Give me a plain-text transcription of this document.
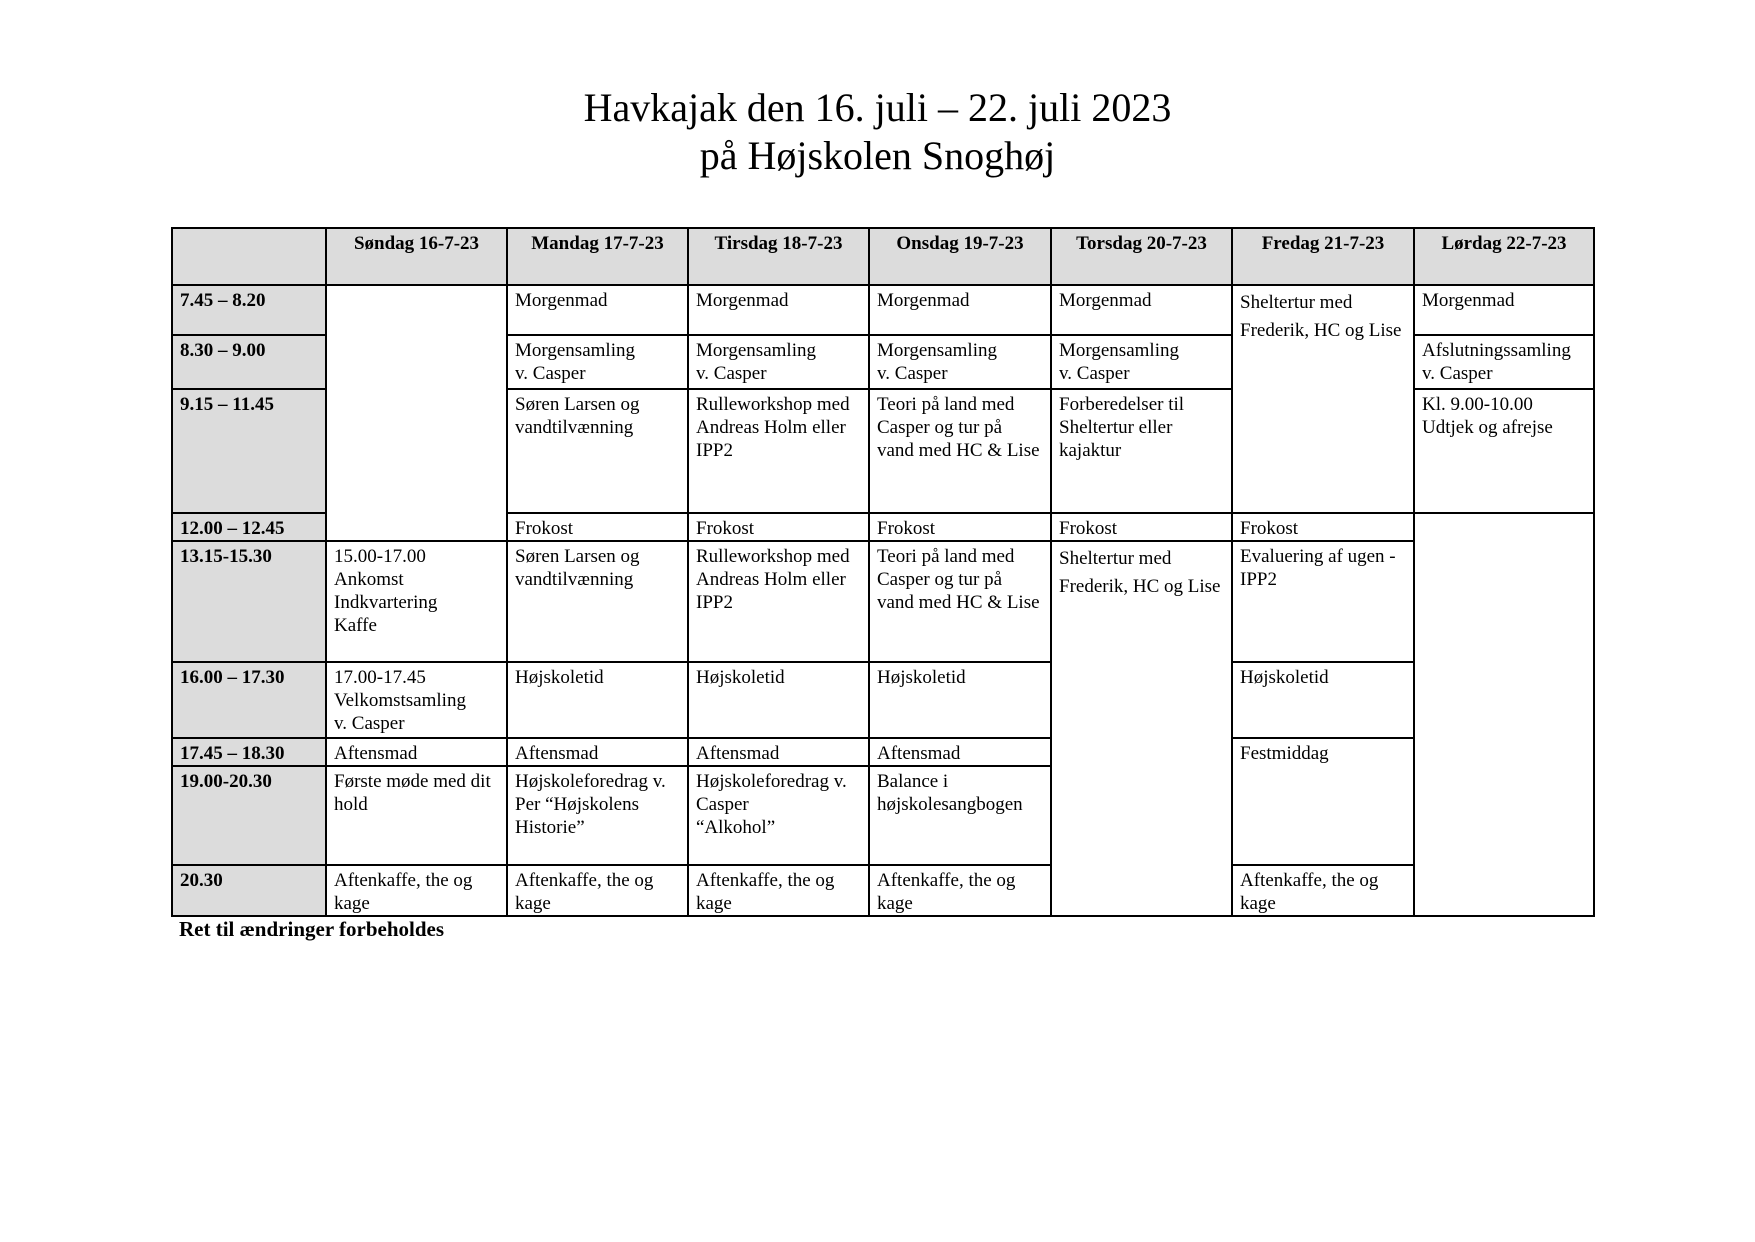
Havkajak den 16. juli – 22. juli 2023
på Højskolen Snoghøj
	Søndag 16-7-23	Mandag 17-7-23	Tirsdag 18-7-23	Onsdag 19-7-23	Torsdag 20-7-23	Fredag 21-7-23	Lørdag 22-7-23
7.45 – 8.20		Morgenmad	Morgenmad	Morgenmad	Morgenmad	Sheltertur med Frederik, HC og Lise	Morgenmad

8.30 – 9.00		Morgensamling
v. Casper	Morgensamling
v. Casper	Morgensamling
v. Casper	Morgensamling
v. Casper		Afslutningssamling v. Casper

9.15 – 11.45		Søren Larsen og vandtilvænning	Rulleworkshop med Andreas Holm eller IPP2	Teori på land med Casper og tur på vand med HC & Lise	Forberedelser til Sheltertur eller kajaktur		Kl. 9.00-10.00 Udtjek og afrejse

12.00 – 12.45		Frokost	Frokost	Frokost	Frokost	Frokost	

13.15-15.30	15.00-17.00
Ankomst
Indkvartering
Kaffe	Søren Larsen og vandtilvænning	Rulleworkshop med Andreas Holm eller IPP2	Teori på land med Casper og tur på vand med HC & Lise	Sheltertur med Frederik, HC og Lise	Evaluering af ugen - IPP2	

16.00 – 17.30	17.00-17.45
Velkomstsamling
v. Casper	Højskoletid	Højskoletid	Højskoletid		Højskoletid	

17.45 – 18.30	Aftensmad	Aftensmad	Aftensmad	Aftensmad		Festmiddag	

19.00-20.30	Første møde med dit hold	Højskoleforedrag v. Per “Højskolens Historie”	Højskoleforedrag v. Casper
“Alkohol”	Balance i højskolesangbogen			

20.30	Aftenkaffe, the og kage	Aftenkaffe, the og kage	Aftenkaffe, the og kage	Aftenkaffe, the og kage		Aftenkaffe, the og kage	
Ret til ændringer forbeholdes
